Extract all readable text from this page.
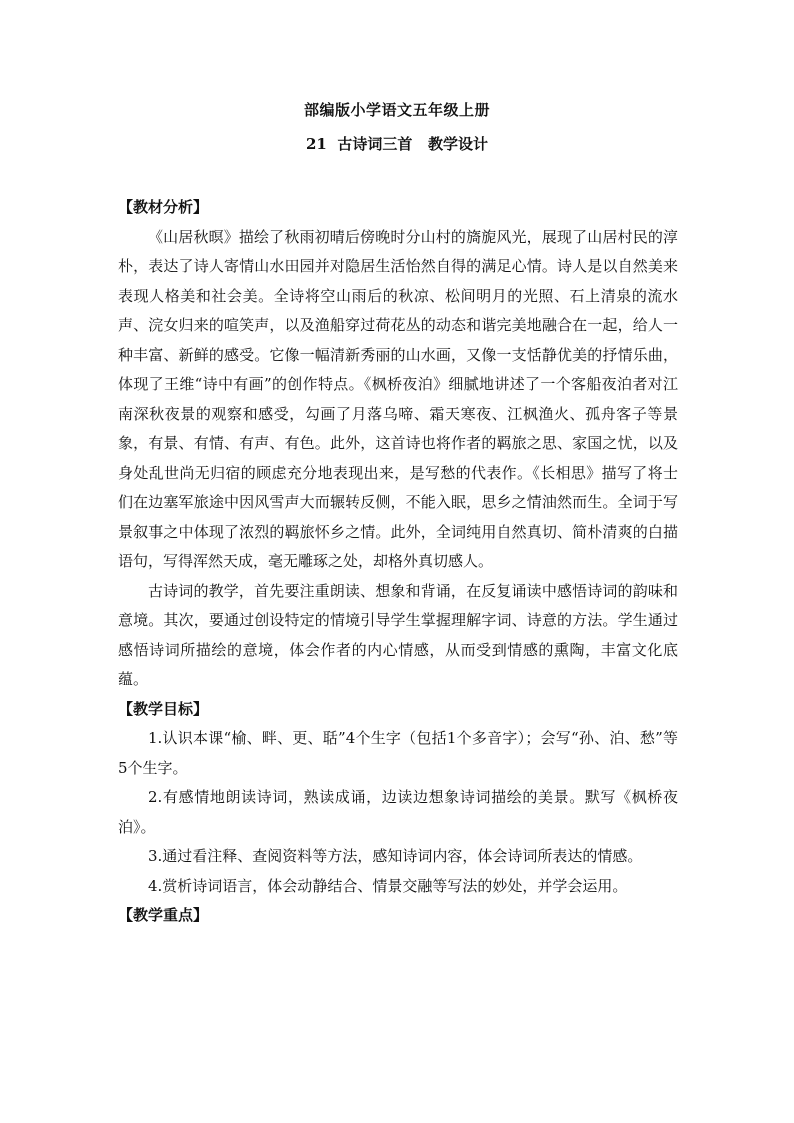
部编版小学语文五年级上册
21  古诗词三首   教学设计

【教材分析】

《山居秋暝》描绘了秋雨初晴后傍晚时分山村的旖旎风光，展现了山居村民的淳朴，表达了诗人寄情山水田园并对隐居生活怡然自得的满足心情。诗人是以自然美来表现人格美和社会美。全诗将空山雨后的秋凉、松间明月的光照、石上清泉的流水声、浣女归来的喧笑声，以及渔船穿过荷花丛的动态和谐完美地融合在一起，给人一种丰富、新鲜的感受。它像一幅清新秀丽的山水画，又像一支恬静优美的抒情乐曲，体现了王维“诗中有画”的创作特点。《枫桥夜泊》细腻地讲述了一个客船夜泊者对江南深秋夜景的观察和感受，勾画了月落乌啼、霜天寒夜、江枫渔火、孤舟客子等景象，有景、有情、有声、有色。此外，这首诗也将作者的羁旅之思、家国之忧，以及身处乱世尚无归宿的顾虑充分地表现出来，是写愁的代表作。《长相思》描写了将士们在边塞军旅途中因风雪声大而辗转反侧，不能入眠，思乡之情油然而生。全词于写景叙事之中体现了浓烈的羁旅怀乡之情。此外，全词纯用自然真切、简朴清爽的白描语句，写得浑然天成，毫无雕琢之处，却格外真切感人。

古诗词的教学，首先要注重朗读、想象和背诵，在反复诵读中感悟诗词的韵味和意境。其次，要通过创设特定的情境引导学生掌握理解字词、诗意的方法。学生通过感悟诗词所描绘的意境，体会作者的内心情感，从而受到情感的熏陶，丰富文化底蕴。

【教学目标】

1.认识本课“榆、畔、更、聒”4个生字（包括1个多音字）；会写“孙、泊、愁”等5个生字。

2.有感情地朗读诗词，熟读成诵，边读边想象诗词描绘的美景。默写《枫桥夜泊》。

3.通过看注释、查阅资料等方法，感知诗词内容，体会诗词所表达的情感。

4.赏析诗词语言，体会动静结合、情景交融等写法的妙处，并学会运用。

【教学重点】
